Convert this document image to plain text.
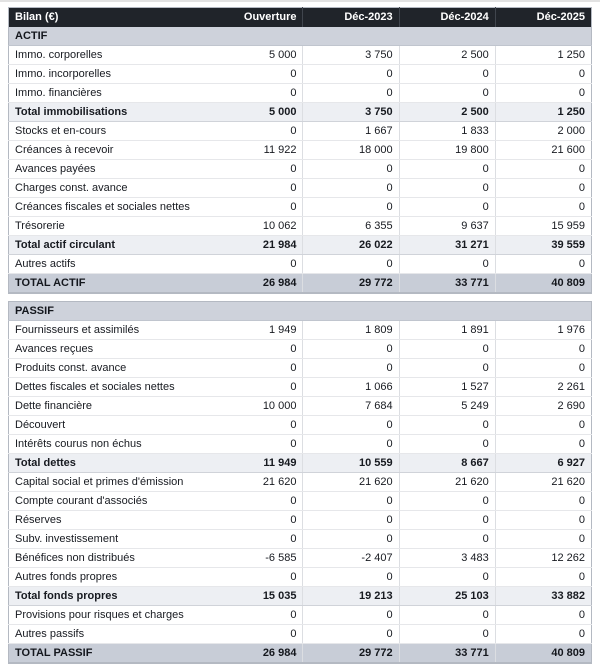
Bilan (€)	Ouverture	Déc-2023	Déc-2024	Déc-2025
ACTIF				
Immo. corporelles	5 000	3 750	2 500	1 250
Immo. incorporelles	0	0	0	0
Immo. financières	0	0	0	0
Total immobilisations	5 000	3 750	2 500	1 250
Stocks et en-cours	0	1 667	1 833	2 000
Créances à recevoir	11 922	18 000	19 800	21 600
Avances payées	0	0	0	0
Charges const. avance	0	0	0	0
Créances fiscales et sociales nettes	0	0	0	0
Trésorerie	10 062	6 355	9 637	15 959
Total actif circulant	21 984	26 022	31 271	39 559
Autres actifs	0	0	0	0
TOTAL ACTIF	26 984	29 772	33 771	40 809
PASSIF				
Fournisseurs et assimilés	1 949	1 809	1 891	1 976
Avances reçues	0	0	0	0
Produits const. avance	0	0	0	0
Dettes fiscales et sociales nettes	0	1 066	1 527	2 261
Dette financière	10 000	7 684	5 249	2 690
Découvert	0	0	0	0
Intérêts courus non échus	0	0	0	0
Total dettes	11 949	10 559	8 667	6 927
Capital social et primes d'émission	21 620	21 620	21 620	21 620
Compte courant d'associés	0	0	0	0
Réserves	0	0	0	0
Subv. investissement	0	0	0	0
Bénéfices non distribués	-6 585	-2 407	3 483	12 262
Autres fonds propres	0	0	0	0
Total fonds propres	15 035	19 213	25 103	33 882
Provisions pour risques et charges	0	0	0	0
Autres passifs	0	0	0	0
TOTAL PASSIF	26 984	29 772	33 771	40 809
